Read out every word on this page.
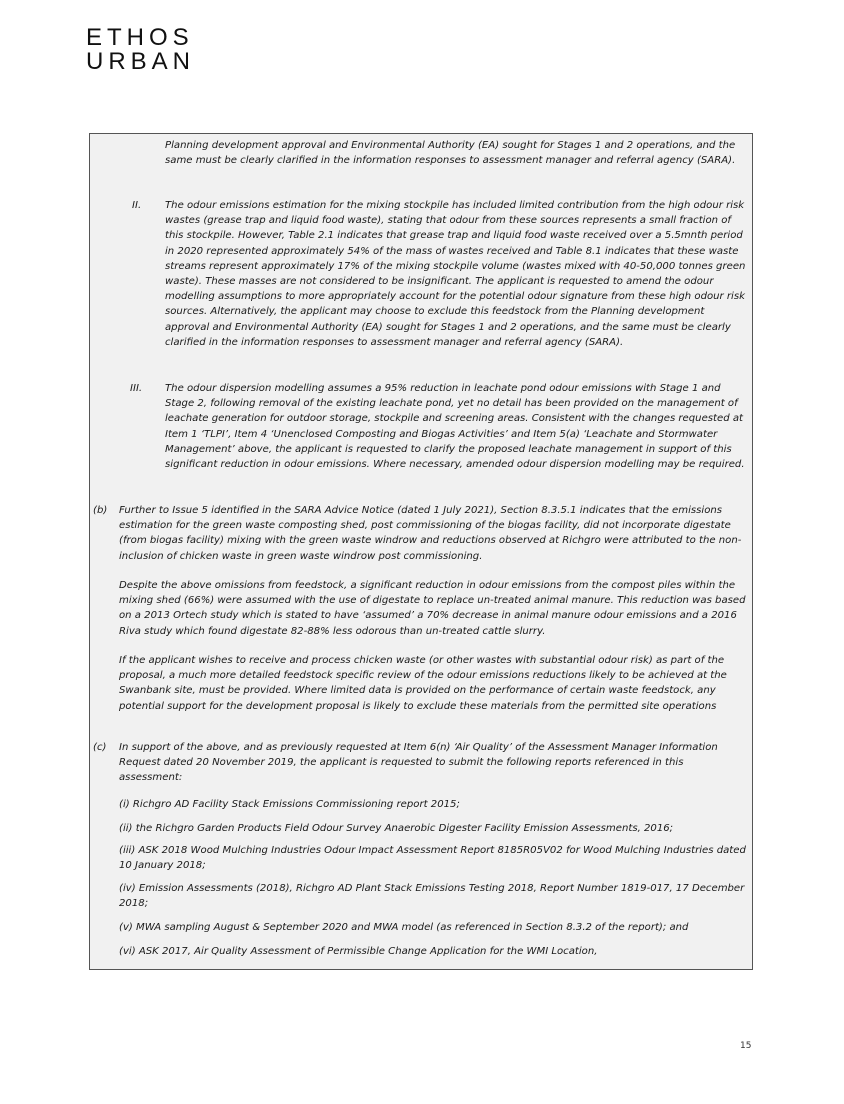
ETHOS
URBAN

Planning development approval and Environmental Authority (EA) sought for Stages 1 and 2 operations, and the same must be clearly clarified in the information responses to assessment manager and referral agency (SARA).

II. The odour emissions estimation for the mixing stockpile has included limited contribution from the high odour risk wastes (grease trap and liquid food waste), stating that odour from these sources represents a small fraction of this stockpile. However, Table 2.1 indicates that grease trap and liquid food waste received over a 5.5mnth period in 2020 represented approximately 54% of the mass of wastes received and Table 8.1 indicates that these waste streams represent approximately 17% of the mixing stockpile volume (wastes mixed with 40-50,000 tonnes green waste). These masses are not considered to be insignificant. The applicant is requested to amend the odour modelling assumptions to more appropriately account for the potential odour signature from these high odour risk sources. Alternatively, the applicant may choose to exclude this feedstock from the Planning development approval and Environmental Authority (EA) sought for Stages 1 and 2 operations, and the same must be clearly clarified in the information responses to assessment manager and referral agency (SARA).

III. The odour dispersion modelling assumes a 95% reduction in leachate pond odour emissions with Stage 1 and Stage 2, following removal of the existing leachate pond, yet no detail has been provided on the management of leachate generation for outdoor storage, stockpile and screening areas. Consistent with the changes requested at Item 1 ‘TLPI’, Item 4 ‘Unenclosed Composting and Biogas Activities’ and Item 5(a) ‘Leachate and Stormwater Management’ above, the applicant is requested to clarify the proposed leachate management in support of this significant reduction in odour emissions. Where necessary, amended odour dispersion modelling may be required.

(b) Further to Issue 5 identified in the SARA Advice Notice (dated 1 July 2021), Section 8.3.5.1 indicates that the emissions estimation for the green waste composting shed, post commissioning of the biogas facility, did not incorporate digestate (from biogas facility) mixing with the green waste windrow and reductions observed at Richgro were attributed to the non-inclusion of chicken waste in green waste windrow post commissioning.

Despite the above omissions from feedstock, a significant reduction in odour emissions from the compost piles within the mixing shed (66%) were assumed with the use of digestate to replace un-treated animal manure. This reduction was based on a 2013 Ortech study which is stated to have ‘assumed’ a 70% decrease in animal manure odour emissions and a 2016 Riva study which found digestate 82-88% less odorous than un-treated cattle slurry.

If the applicant wishes to receive and process chicken waste (or other wastes with substantial odour risk) as part of the proposal, a much more detailed feedstock specific review of the odour emissions reductions likely to be achieved at the Swanbank site, must be provided. Where limited data is provided on the performance of certain waste feedstock, any potential support for the development proposal is likely to exclude these materials from the permitted site operations

(c) In support of the above, and as previously requested at Item 6(n) ‘Air Quality’ of the Assessment Manager Information Request dated 20 November 2019, the applicant is requested to submit the following reports referenced in this assessment:

(i) Richgro AD Facility Stack Emissions Commissioning report 2015;

(ii) the Richgro Garden Products Field Odour Survey Anaerobic Digester Facility Emission Assessments, 2016;

(iii) ASK 2018 Wood Mulching Industries Odour Impact Assessment Report 8185R05V02 for Wood Mulching Industries dated 10 January 2018;

(iv) Emission Assessments (2018), Richgro AD Plant Stack Emissions Testing 2018, Report Number 1819-017, 17 December 2018;

(v) MWA sampling August & September 2020 and MWA model (as referenced in Section 8.3.2 of the report); and

(vi) ASK 2017, Air Quality Assessment of Permissible Change Application for the WMI Location,

15
